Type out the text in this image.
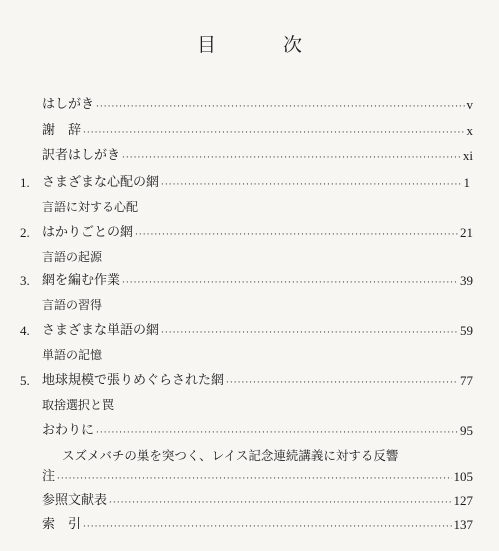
目　次
はしがき ·····	v
謝　辞 ·····	x
訳者はしがき ·····	xi
1. さまざまな心配の網 ·····	1
言語に対する心配
2. はかりごとの網 ·····	21
言語の起源
3. 網を編む作業 ·····	39
言語の習得
4. さまざまな単語の網 ·····	59
単語の記憶
5. 地球規模で張りめぐらされた網 ·····	77
取捨選択と罠
おわりに ·····	95
スズメバチの巣を突つく、レイス記念連続講義に対する反響
注 ·····	105
参照文献表 ·····	127
索　引 ·····	137
